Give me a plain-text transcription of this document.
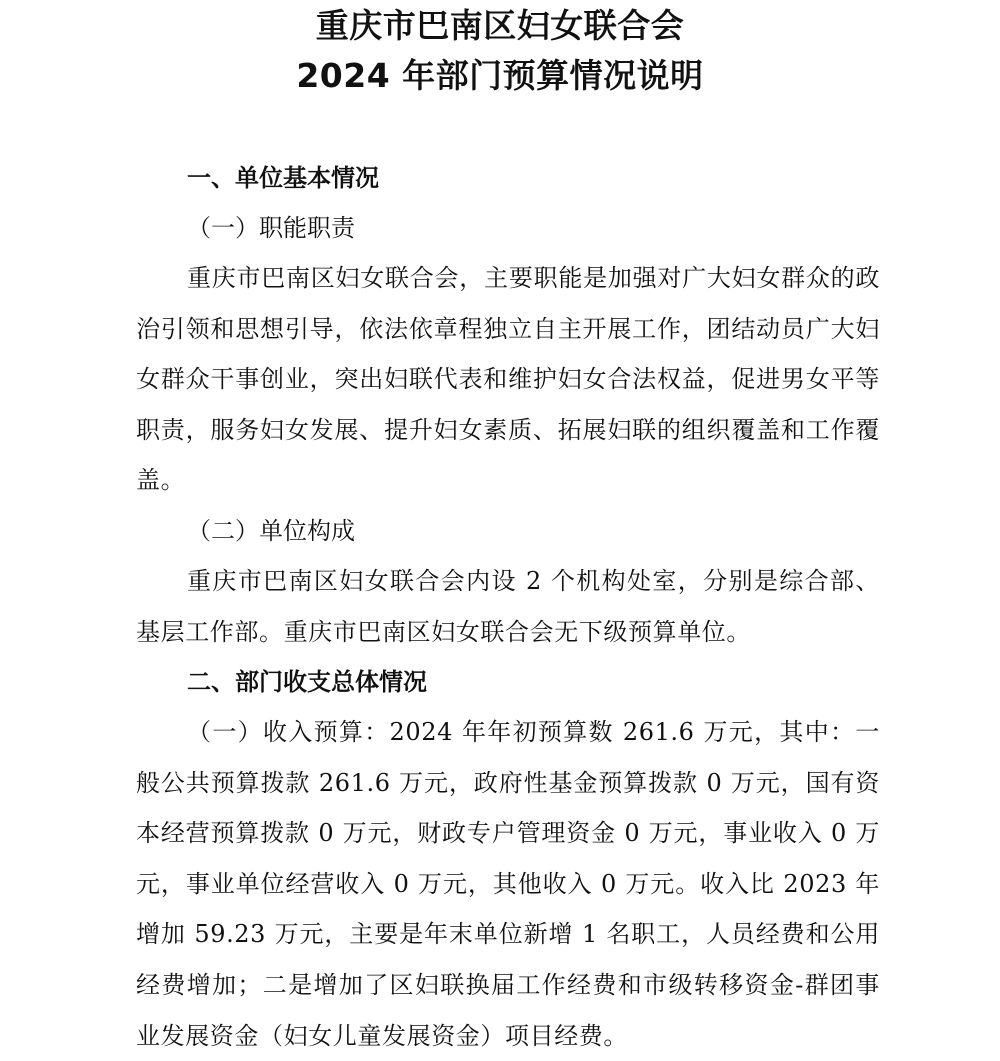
重庆市巴南区妇女联合会
2024 年部门预算情况说明
一、单位基本情况
（一）职能职责
重庆市巴南区妇女联合会，主要职能是加强对广大妇女群众的政治引领和思想引导，依法依章程独立自主开展工作，团结动员广大妇女群众干事创业，突出妇联代表和维护妇女合法权益，促进男女平等职责，服务妇女发展、提升妇女素质、拓展妇联的组织覆盖和工作覆盖。
（二）单位构成
重庆市巴南区妇女联合会内设 2 个机构处室，分别是综合部、基层工作部。重庆市巴南区妇女联合会无下级预算单位。
二、部门收支总体情况
（一）收入预算：2024 年年初预算数 261.6 万元，其中：一般公共预算拨款 261.6 万元，政府性基金预算拨款 0 万元，国有资本经营预算拨款 0 万元，财政专户管理资金 0 万元，事业收入 0 万元，事业单位经营收入 0 万元，其他收入 0 万元。收入比 2023 年增加 59.23 万元，主要是年末单位新增 1 名职工，人员经费和公用经费增加；二是增加了区妇联换届工作经费和市级转移资金-群团事业发展资金（妇女儿童发展资金）项目经费。
